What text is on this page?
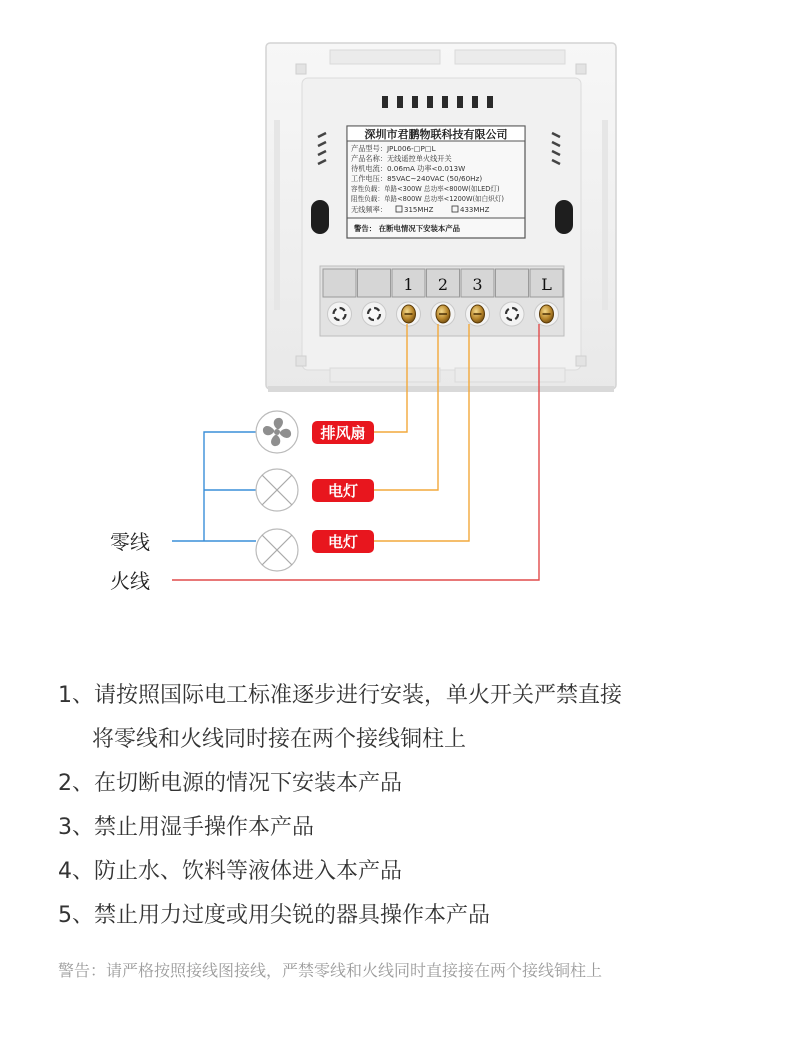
深圳市君鹏物联科技有限公司
产品型号：JPL006-□P□L
产品名称：无线遥控单火线开关
待机电流：0.06mA 功率<0.013W
工作电压：85VAC~240VAC (50/60Hz)
容性负载：单路<300W 总功率<800W(如LED灯)
阻性负载：单路<800W 总功率<1200W(如白炽灯)
无线频率： 315MHZ	433MHZ
警告： 在断电情况下安装本产品
1 2 3	L
排风扇
电灯
电灯
零线
火线
1、请按照国际电工标准逐步进行安装，单火开关严禁直接
将零线和火线同时接在两个接线铜柱上
2、在切断电源的情况下安装本产品
3、禁止用湿手操作本产品
4、防止水、饮料等液体进入本产品
5、禁止用力过度或用尖锐的器具操作本产品
警告：请严格按照接线图接线，严禁零线和火线同时直接接在两个接线铜柱上
